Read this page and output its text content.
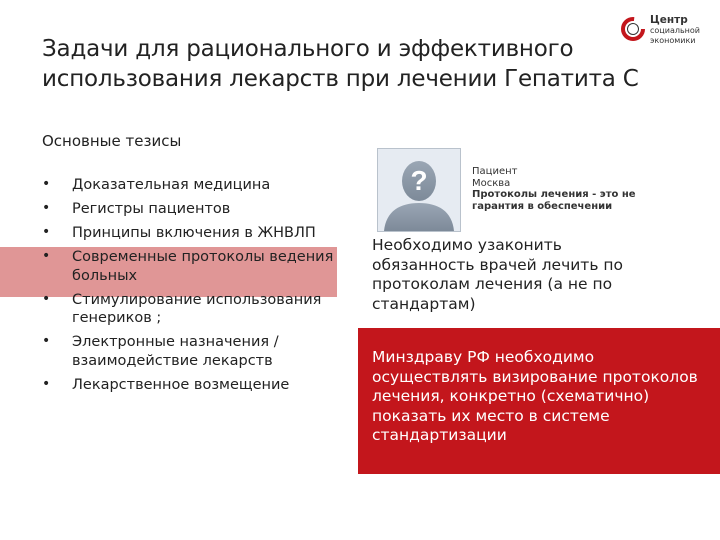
Задачи для рационального и эффективного использования лекарств при лечении Гепатита С
Центр
социальной
экономики
Основные тезисы
• Доказательная медицина
• Регистры пациентов
• Принципы включения в ЖНВЛП
• Современные протоколы ведения больных
• Стимулирование использования генериков ;
• Электронные назначения / взаимодействие лекарств
• Лекарственное возмещение
?	Пациент
Москва
Протоколы лечения - это не
гарантия в обеспечении
Необходимо узаконить обязанность врачей лечить по протоколам лечения (а не по стандартам)
Минздраву РФ необходимо осуществлять визирование протоколов лечения, конкретно (схематично) показать их место в системе стандартизации
